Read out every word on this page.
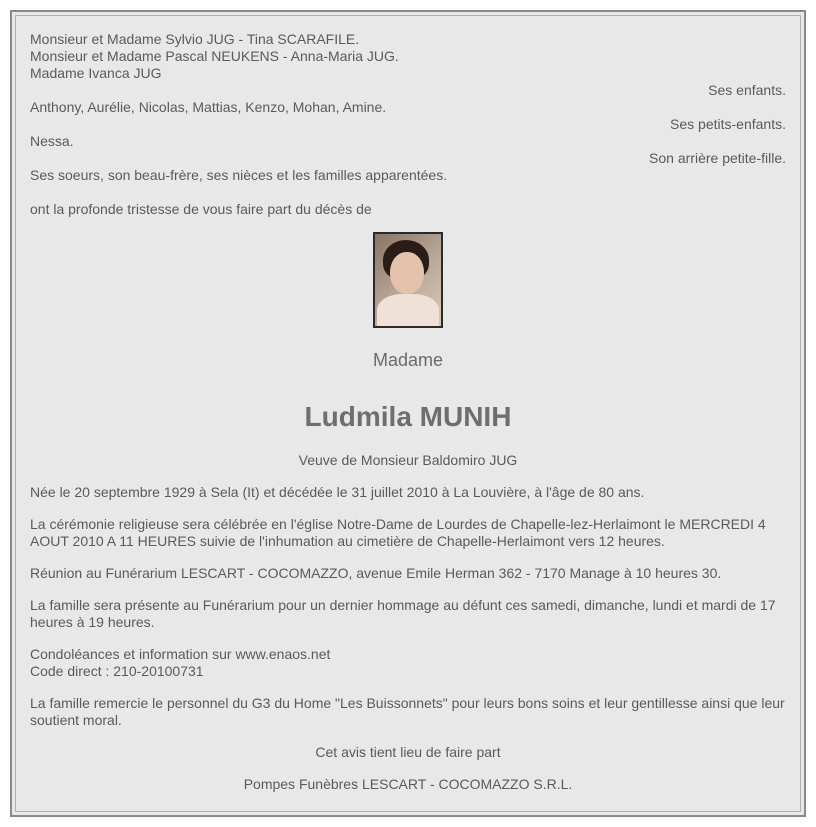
Monsieur et Madame Sylvio JUG - Tina SCARAFILE.
Monsieur et Madame Pascal NEUKENS - Anna-Maria JUG.
Madame Ivanca JUG
Ses enfants.
Anthony, Aurélie, Nicolas, Mattias, Kenzo, Mohan, Amine.
Ses petits-enfants.
Nessa.
Son arrière petite-fille.
Ses soeurs, son beau-frère, ses nièces et les familles apparentées.
ont la profonde tristesse de vous faire part du décès de
Madame
Ludmila MUNIH
Veuve de Monsieur Baldomiro JUG
Née le 20 septembre 1929 à Sela (It) et décédée le 31 juillet 2010 à La Louvière, à l'âge de 80 ans.
La cérémonie religieuse sera célébrée en l'église Notre-Dame de Lourdes de Chapelle-lez-Herlaimont le MERCREDI 4 AOUT 2010 A 11 HEURES suivie de l'inhumation au cimetière de Chapelle-Herlaimont vers 12 heures.
Réunion au Funérarium LESCART - COCOMAZZO, avenue Emile Herman 362 - 7170 Manage à 10 heures 30.
La famille sera présente au Funérarium pour un dernier hommage au défunt ces samedi, dimanche, lundi et mardi de 17 heures à 19 heures.
Condoléances et information sur www.enaos.net
Code direct : 210-20100731
La famille remercie le personnel du G3 du Home "Les Buissonnets" pour leurs bons soins et leur gentillesse ainsi que leur soutient moral.
Cet avis tient lieu de faire part
Pompes Funèbres LESCART - COCOMAZZO S.R.L.
